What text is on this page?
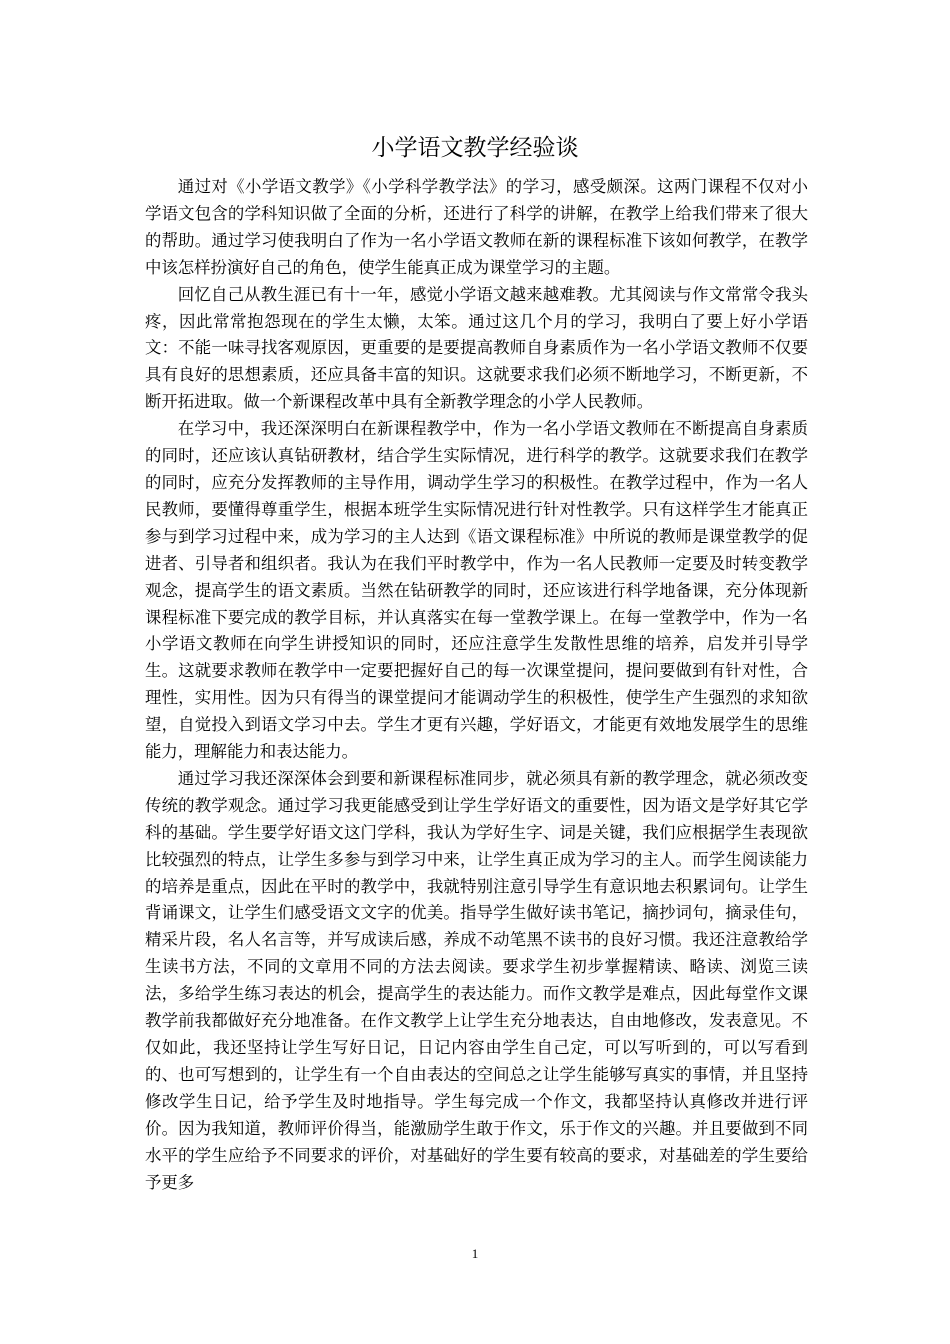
小学语文教学经验谈

通过对《小学语文教学》《小学科学教学法》的学习，感受颇深。这两门课程不仅对小学语文包含的学科知识做了全面的分析，还进行了科学的讲解，在教学上给我们带来了很大的帮助。通过学习使我明白了作为一名小学语文教师在新的课程标准下该如何教学，在教学中该怎样扮演好自己的角色，使学生能真正成为课堂学习的主题。

回忆自己从教生涯已有十一年，感觉小学语文越来越难教。尤其阅读与作文常常令我头疼，因此常常抱怨现在的学生太懒，太笨。通过这几个月的学习，我明白了要上好小学语文：不能一味寻找客观原因，更重要的是要提高教师自身素质作为一名小学语文教师不仅要具有良好的思想素质，还应具备丰富的知识。这就要求我们必须不断地学习，不断更新，不断开拓进取。做一个新课程改革中具有全新教学理念的小学人民教师。

在学习中，我还深深明白在新课程教学中，作为一名小学语文教师在不断提高自身素质的同时，还应该认真钻研教材，结合学生实际情况，进行科学的教学。这就要求我们在教学的同时，应充分发挥教师的主导作用，调动学生学习的积极性。在教学过程中，作为一名人民教师，要懂得尊重学生，根据本班学生实际情况进行针对性教学。只有这样学生才能真正参与到学习过程中来，成为学习的主人达到《语文课程标准》中所说的教师是课堂教学的促进者、引导者和组织者。我认为在我们平时教学中，作为一名人民教师一定要及时转变教学观念，提高学生的语文素质。当然在钻研教学的同时，还应该进行科学地备课，充分体现新课程标准下要完成的教学目标，并认真落实在每一堂教学课上。在每一堂教学中，作为一名小学语文教师在向学生讲授知识的同时，还应注意学生发散性思维的培养，启发并引导学生。这就要求教师在教学中一定要把握好自己的每一次课堂提问，提问要做到有针对性，合理性，实用性。因为只有得当的课堂提问才能调动学生的积极性，使学生产生强烈的求知欲望，自觉投入到语文学习中去。学生才更有兴趣，学好语文，才能更有效地发展学生的思维能力，理解能力和表达能力。

通过学习我还深深体会到要和新课程标准同步，就必须具有新的教学理念，就必须改变传统的教学观念。通过学习我更能感受到让学生学好语文的重要性，因为语文是学好其它学科的基础。学生要学好语文这门学科，我认为学好生字、词是关键，我们应根据学生表现欲比较强烈的特点，让学生多参与到学习中来，让学生真正成为学习的主人。而学生阅读能力的培养是重点，因此在平时的教学中，我就特别注意引导学生有意识地去积累词句。让学生背诵课文，让学生们感受语文文字的优美。指导学生做好读书笔记，摘抄词句，摘录佳句，精采片段，名人名言等，并写成读后感，养成不动笔黑不读书的良好习惯。我还注意教给学生读书方法，不同的文章用不同的方法去阅读。要求学生初步掌握精读、略读、浏览三读法，多给学生练习表达的机会，提高学生的表达能力。而作文教学是难点，因此每堂作文课教学前我都做好充分地准备。在作文教学上让学生充分地表达，自由地修改，发表意见。不仅如此，我还坚持让学生写好日记，日记内容由学生自己定，可以写听到的，可以写看到的、也可写想到的，让学生有一个自由表达的空间总之让学生能够写真实的事情，并且坚持修改学生日记，给予学生及时地指导。学生每完成一个作文，我都坚持认真修改并进行评价。因为我知道，教师评价得当，能激励学生敢于作文，乐于作文的兴趣。并且要做到不同水平的学生应给予不同要求的评价，对基础好的学生要有较高的要求，对基础差的学生要给予更多

1
